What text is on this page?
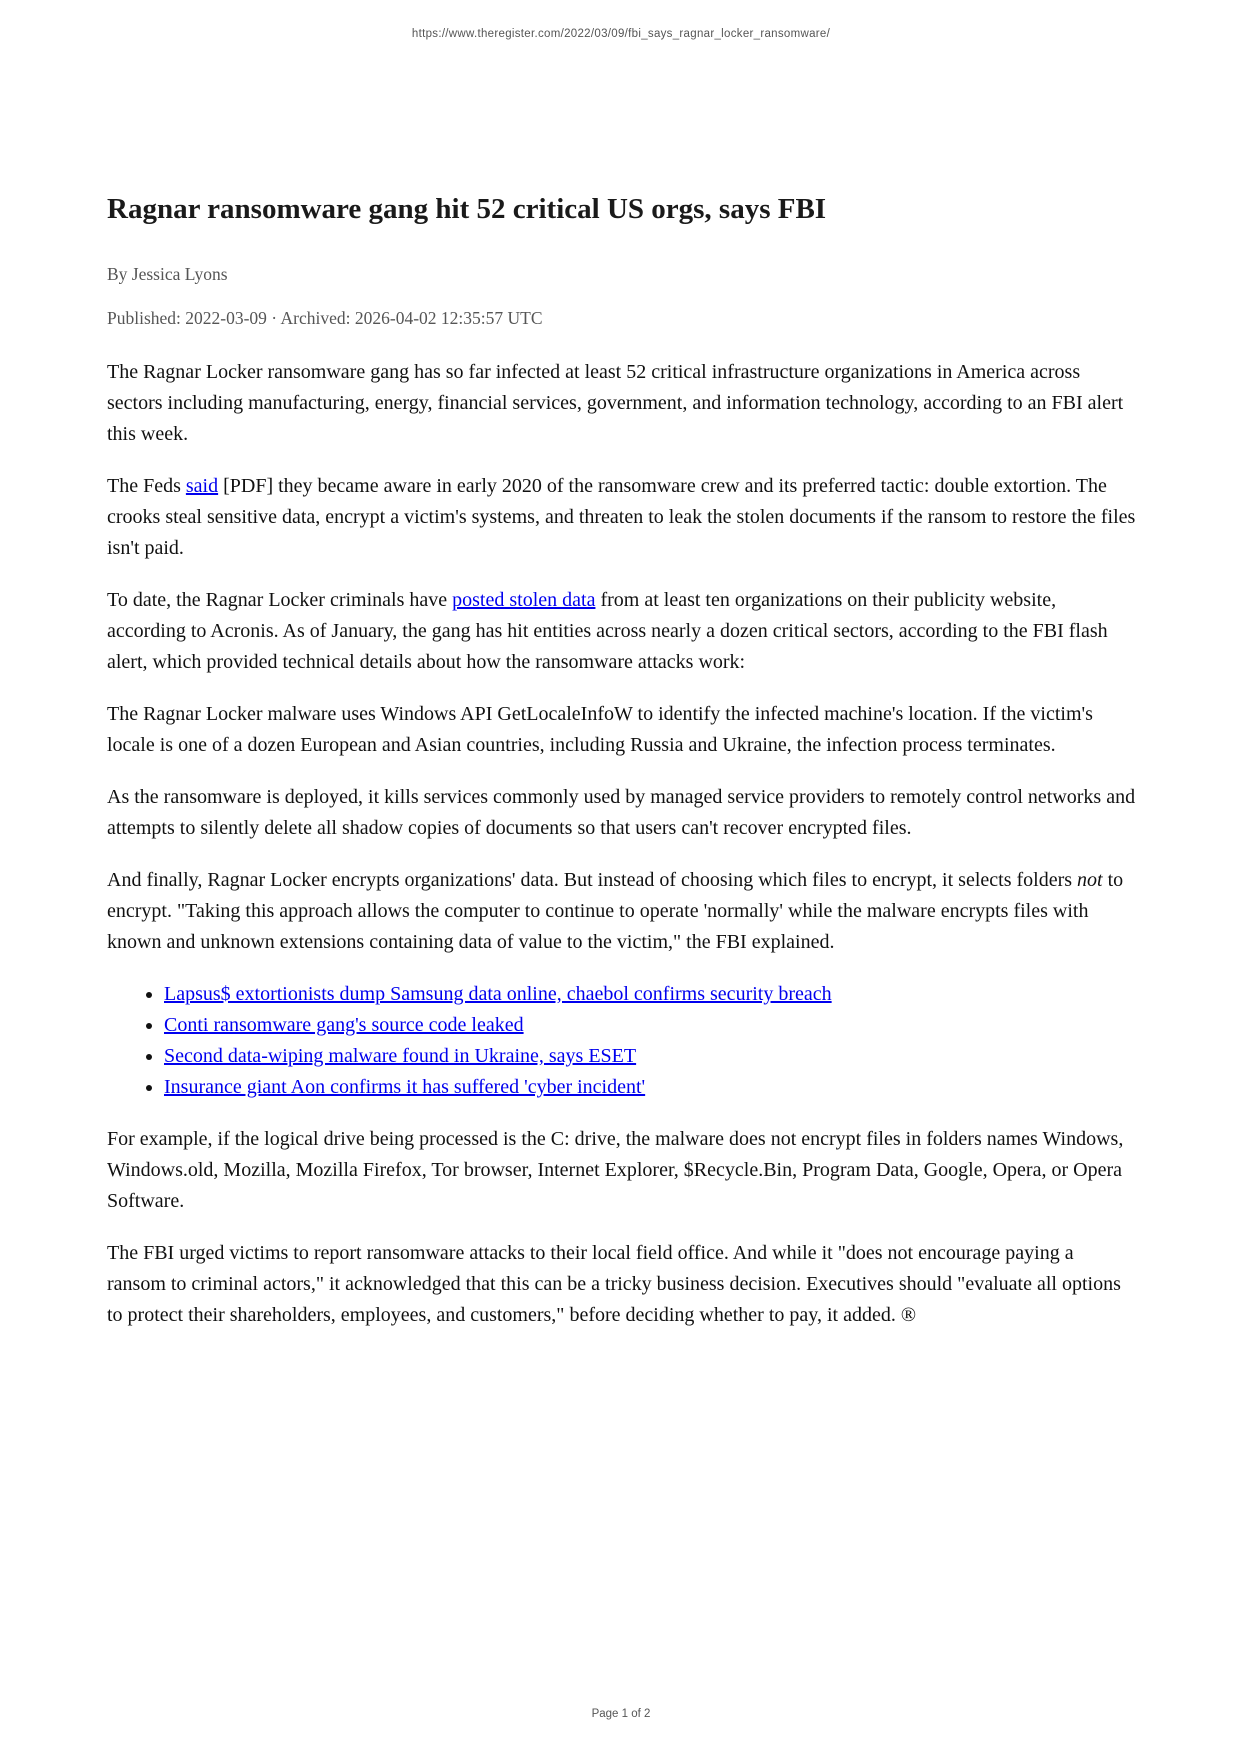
https://www.theregister.com/2022/03/09/fbi_says_ragnar_locker_ransomware/
Ragnar ransomware gang hit 52 critical US orgs, says FBI
By Jessica Lyons
Published: 2022-03-09 · Archived: 2026-04-02 12:35:57 UTC

The Ragnar Locker ransomware gang has so far infected at least 52 critical infrastructure organizations in America across sectors including manufacturing, energy, financial services, government, and information technology, according to an FBI alert this week.

The Feds said [PDF] they became aware in early 2020 of the ransomware crew and its preferred tactic: double extortion. The crooks steal sensitive data, encrypt a victim's systems, and threaten to leak the stolen documents if the ransom to restore the files isn't paid.

To date, the Ragnar Locker criminals have posted stolen data from at least ten organizations on their publicity website, according to Acronis. As of January, the gang has hit entities across nearly a dozen critical sectors, according to the FBI flash alert, which provided technical details about how the ransomware attacks work:

The Ragnar Locker malware uses Windows API GetLocaleInfoW to identify the infected machine's location. If the victim's locale is one of a dozen European and Asian countries, including Russia and Ukraine, the infection process terminates.

As the ransomware is deployed, it kills services commonly used by managed service providers to remotely control networks and attempts to silently delete all shadow copies of documents so that users can't recover encrypted files.

And finally, Ragnar Locker encrypts organizations' data. But instead of choosing which files to encrypt, it selects folders not to encrypt. "Taking this approach allows the computer to continue to operate 'normally' while the malware encrypts files with known and unknown extensions containing data of value to the victim," the FBI explained.

• Lapsus$ extortionists dump Samsung data online, chaebol confirms security breach
• Conti ransomware gang's source code leaked
• Second data-wiping malware found in Ukraine, says ESET
• Insurance giant Aon confirms it has suffered 'cyber incident'

For example, if the logical drive being processed is the C: drive, the malware does not encrypt files in folders names Windows, Windows.old, Mozilla, Mozilla Firefox, Tor browser, Internet Explorer, $Recycle.Bin, Program Data, Google, Opera, or Opera Software.

The FBI urged victims to report ransomware attacks to their local field office. And while it "does not encourage paying a ransom to criminal actors," it acknowledged that this can be a tricky business decision. Executives should "evaluate all options to protect their shareholders, employees, and customers," before deciding whether to pay, it added. ®

Page 1 of 2
